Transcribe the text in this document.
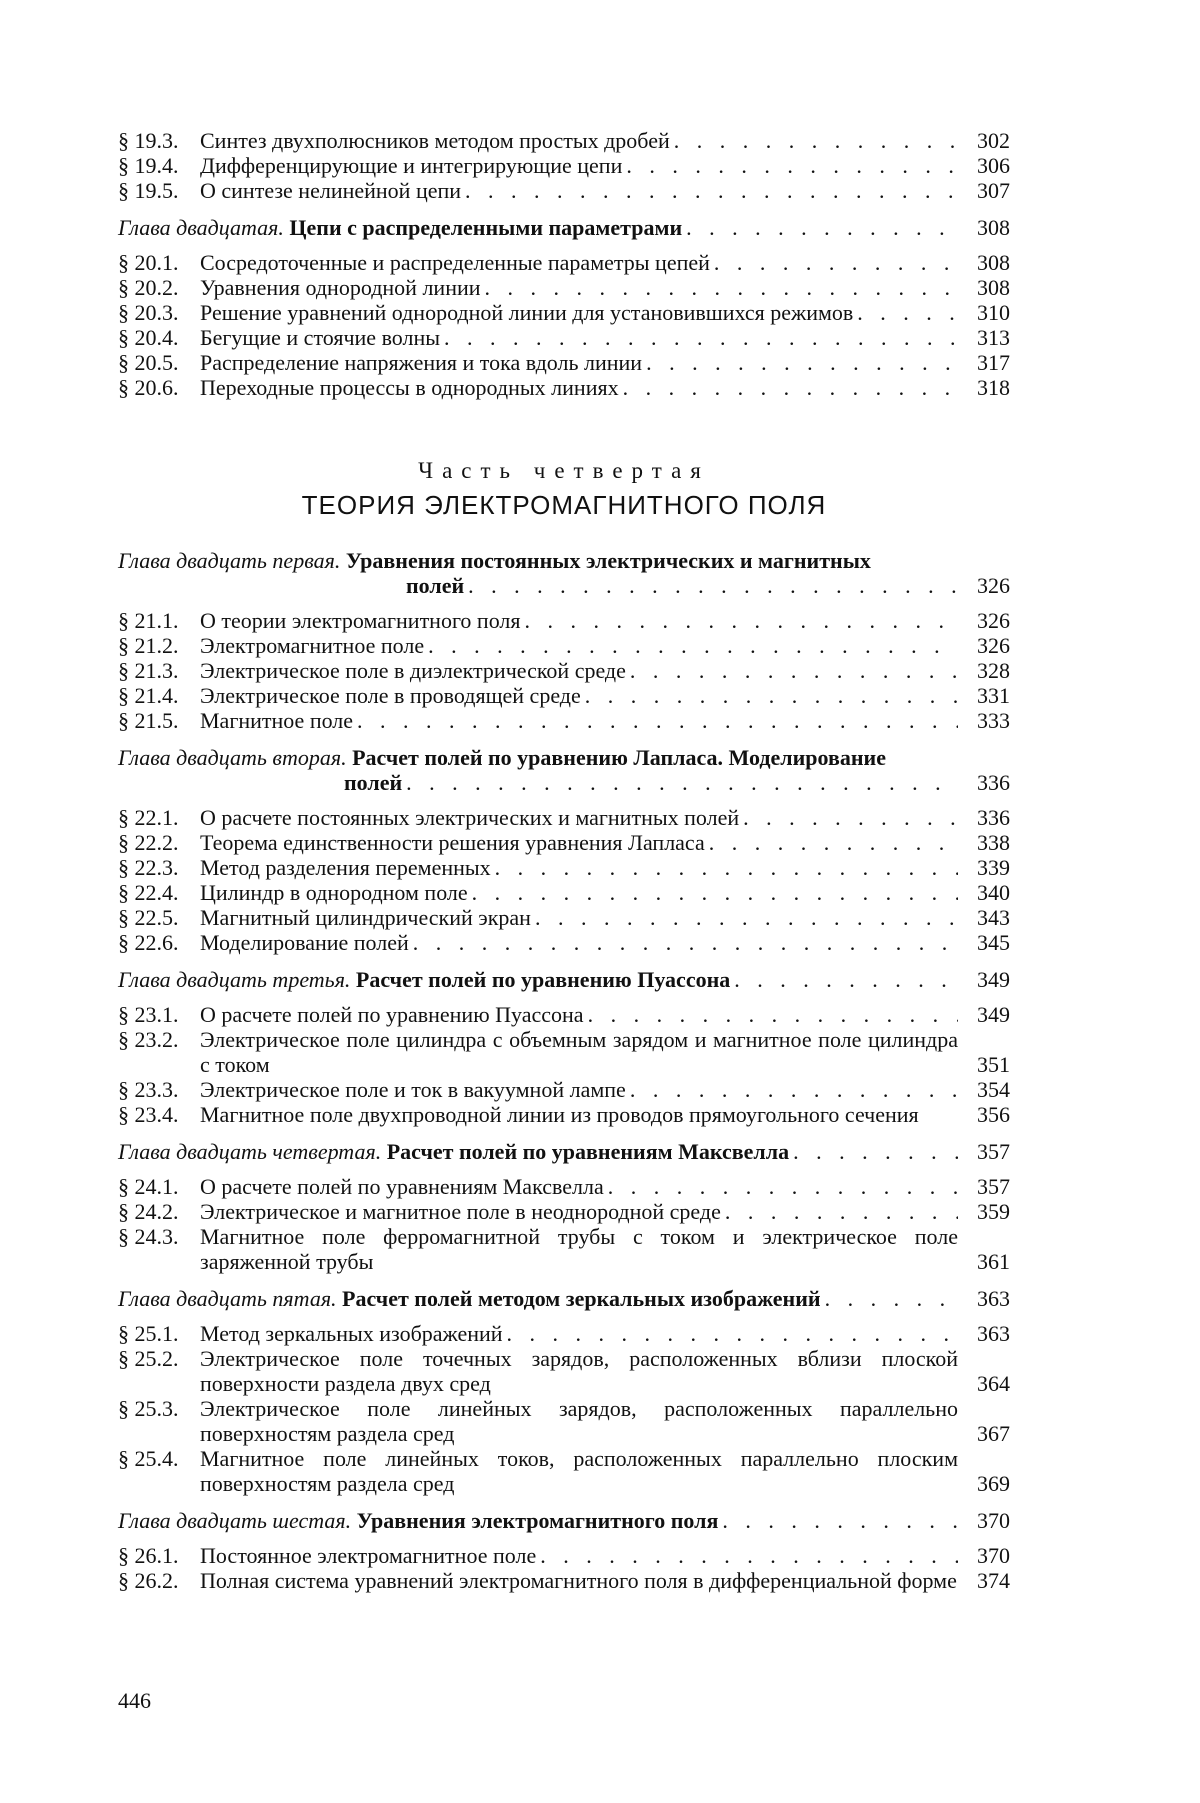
§ 19.3. Синтез двухполюсников методом простых дробей . . .	302
§ 19.4. Дифференцирующие и интегрирующие цепи . . .	306
§ 19.5. О синтезе нелинейной цепи . . .	307
Глава двадцатая. Цепи с распределенными параметрами . . .	308
§ 20.1. Сосредоточенные и распределенные параметры цепей . . .	308
§ 20.2. Уравнения однородной линии . . .	308
§ 20.3. Решение уравнений однородной линии для установившихся режимов . . .	310
§ 20.4. Бегущие и стоячие волны . . .	313
§ 20.5. Распределение напряжения и тока вдоль линии . . .	317
§ 20.6. Переходные процессы в однородных линиях . . .	318
Часть четвертая
ТЕОРИЯ ЭЛЕКТРОМАГНИТНОГО ПОЛЯ
Глава двадцать первая. Уравнения постоянных электрических и магнитных
полей . . .	326
§ 21.1. О теории электромагнитного поля . . .	326
§ 21.2. Электромагнитное поле . . .	326
§ 21.3. Электрическое поле в диэлектрической среде . . .	328
§ 21.4. Электрическое поле в проводящей среде . . .	331
§ 21.5. Магнитное поле . . .	333
Глава двадцать вторая. Расчет полей по уравнению Лапласа. Моделирование
полей . . .	336
§ 22.1. О расчете постоянных электрических и магнитных полей . . .	336
§ 22.2. Теорема единственности решения уравнения Лапласа . . .	338
§ 22.3. Метод разделения переменных . . .	339
§ 22.4. Цилиндр в однородном поле . . .	340
§ 22.5. Магнитный цилиндрический экран . . .	343
§ 22.6. Моделирование полей . . .	345
Глава двадцать третья. Расчет полей по уравнению Пуассона . . .	349
§ 23.1. О расчете полей по уравнению Пуассона . . .	349
§ 23.2. Электрическое поле цилиндра с объемным зарядом и магнитное поле цилиндра с током	351
§ 23.3. Электрическое поле и ток в вакуумной лампе . . .	354
§ 23.4. Магнитное поле двухпроводной линии из проводов прямоугольного сечения	356
Глава двадцать четвертая. Расчет полей по уравнениям Максвелла . . .	357
§ 24.1. О расчете полей по уравнениям Максвелла . . .	357
§ 24.2. Электрическое и магнитное поле в неоднородной среде . . .	359
§ 24.3. Магнитное поле ферромагнитной трубы с током и электрическое поле заряженной трубы	361
Глава двадцать пятая. Расчет полей методом зеркальных изображений . . .	363
§ 25.1. Метод зеркальных изображений . . .	363
§ 25.2. Электрическое поле точечных зарядов, расположенных вблизи плоской поверхности раздела двух сред	364
§ 25.3. Электрическое поле линейных зарядов, расположенных параллельно поверхностям раздела сред	367
§ 25.4. Магнитное поле линейных токов, расположенных параллельно плоским поверхностям раздела сред	369
Глава двадцать шестая. Уравнения электромагнитного поля . . .	370
§ 26.1. Постоянное электромагнитное поле . . .	370
§ 26.2. Полная система уравнений электромагнитного поля в дифференциальной форме 374
446
